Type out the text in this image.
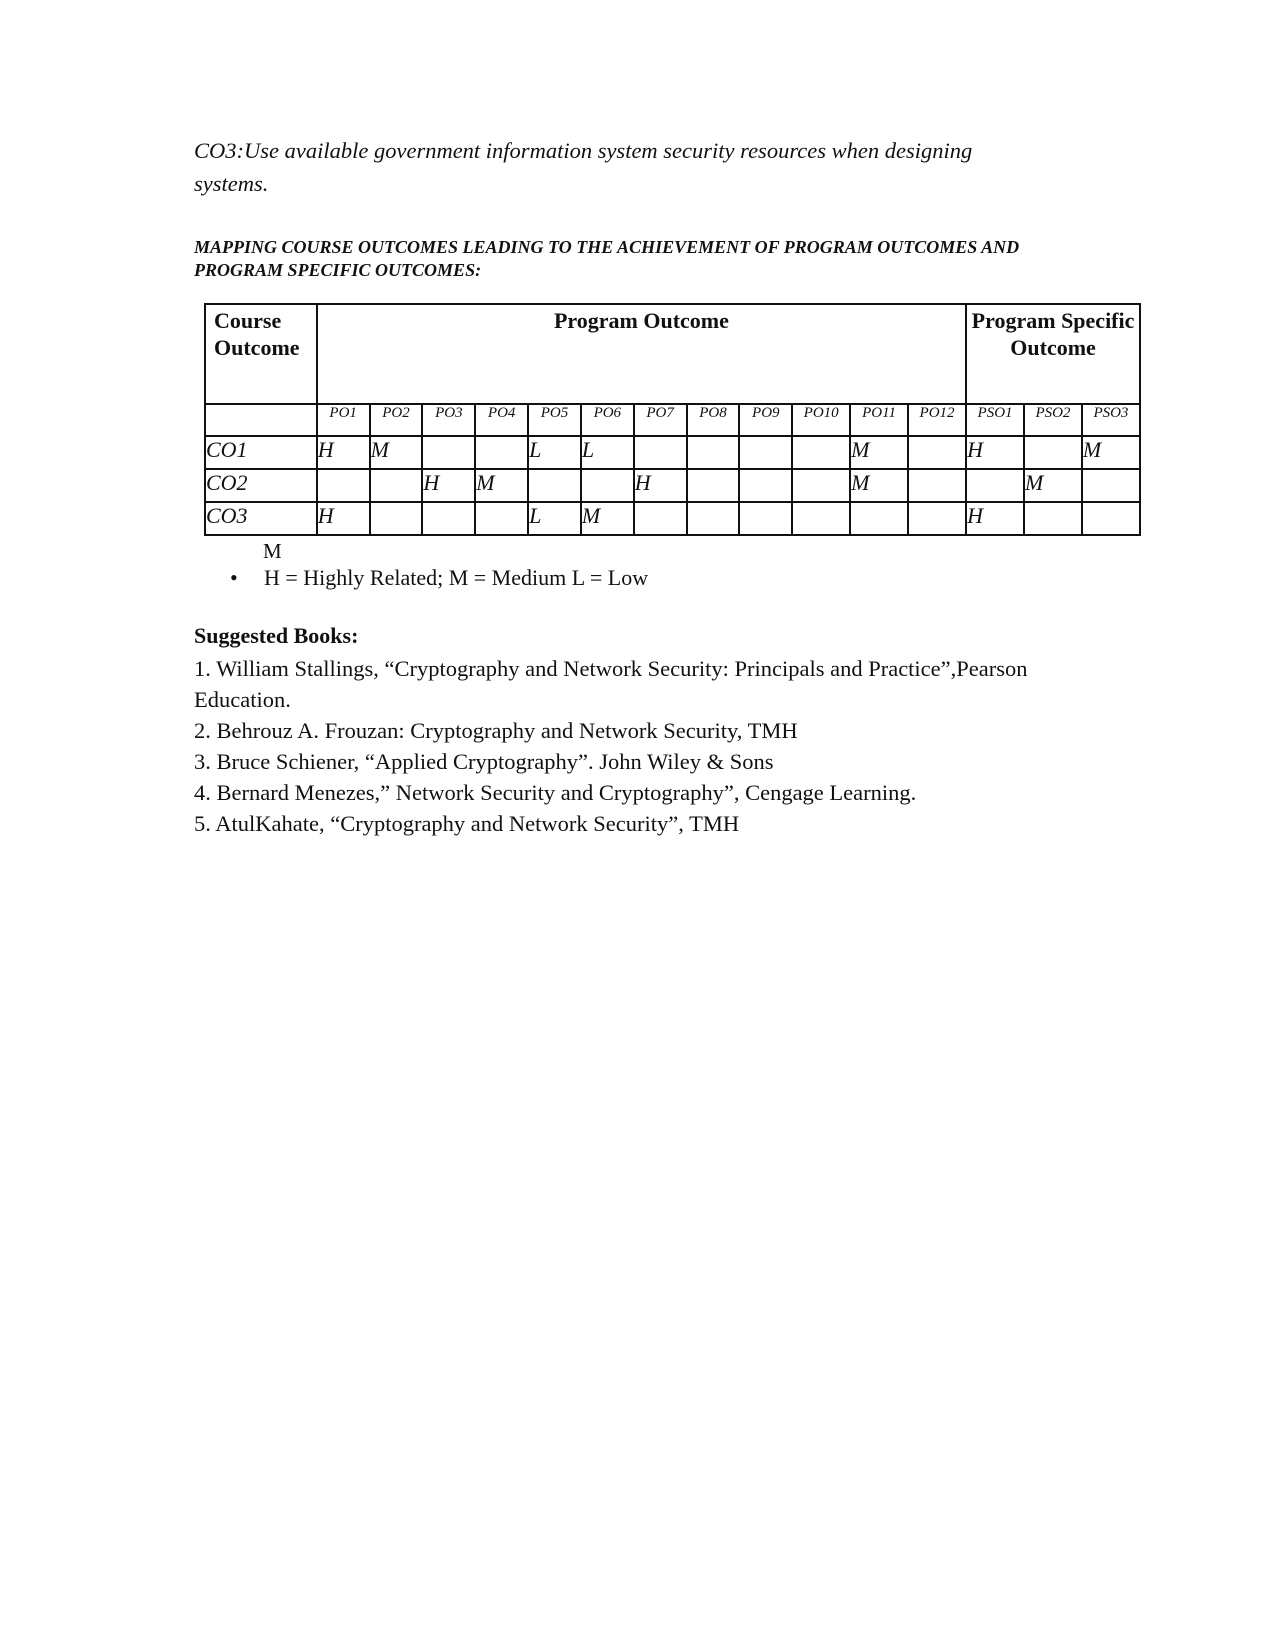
CO3:Use available government information system security resources when designing systems.
MAPPING COURSE OUTCOMES LEADING TO THE ACHIEVEMENT OF PROGRAM OUTCOMES AND PROGRAM SPECIFIC OUTCOMES:
Course Outcome	Program Outcome												Program Specific Outcome		
	PO1	PO2	PO3	PO4	PO5	PO6	PO7	PO8	PO9	PO10	PO11	PO12	PSO1	PSO2	PSO3
CO1	H	M			L	L					M		H		M
CO2			H	M			H				M			M	
CO3	H				L	M							H		
M
• H = Highly Related; M = Medium L = Low
Suggested Books:
1. William Stallings, “Cryptography and Network Security: Principals and Practice”,Pearson Education.
2. Behrouz A. Frouzan: Cryptography and Network Security, TMH
3. Bruce Schiener, “Applied Cryptography”. John Wiley & Sons
4. Bernard Menezes,” Network Security and Cryptography”, Cengage Learning.
5. AtulKahate, “Cryptography and Network Security”, TMH
